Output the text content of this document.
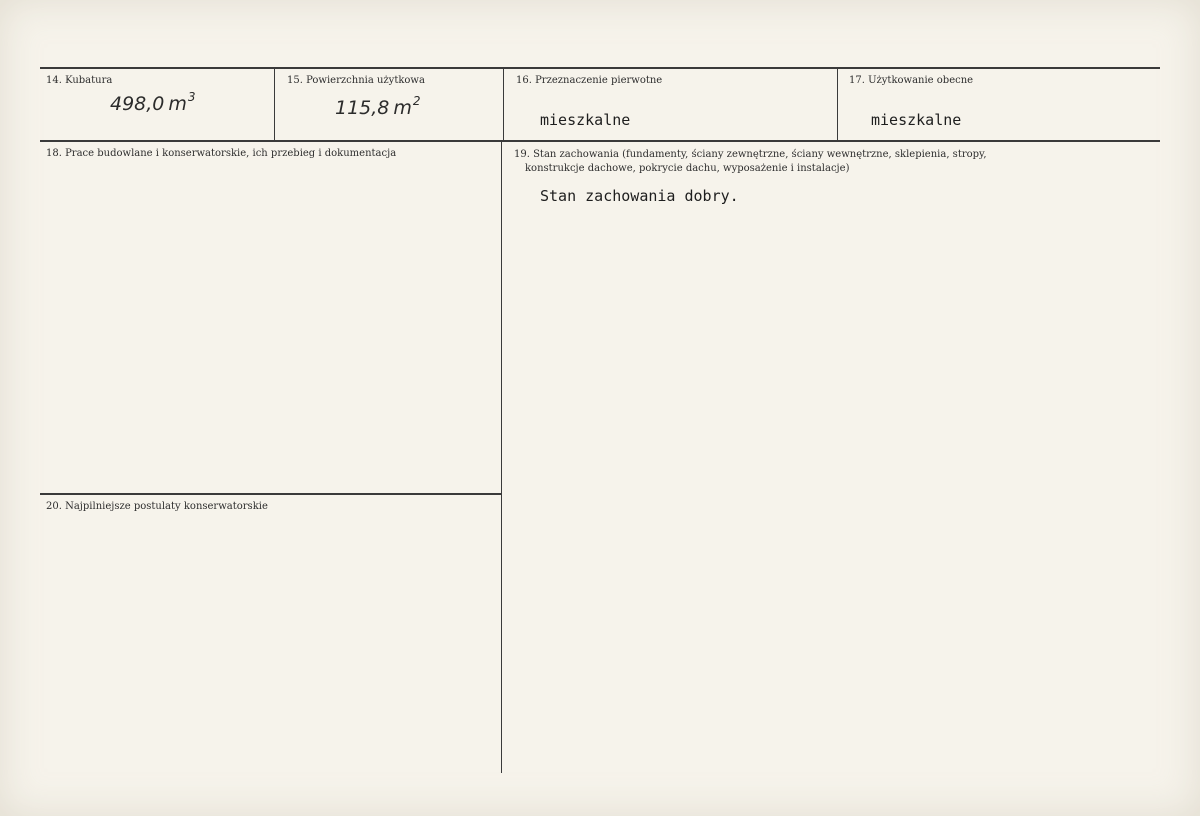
14. Kubatura
498,0 $m^3$
15. Powierzchnia użytkowa
115,8 $m^2$
16. Przeznaczenie pierwotne
mieszkalne
17. Użytkowanie obecne
mieszkalne
18. Prace budowlane i konserwatorskie, ich przebieg i dokumentacja	19. Stan zachowania (fundamenty, ściany zewnętrzne, ściany wewnętrzne, sklepienia, stropy,
konstrukcje dachowe, pokrycie dachu, wyposażenie i instalacje)
Stan zachowania dobry.
20. Najpilniejsze postulaty konserwatorskie
